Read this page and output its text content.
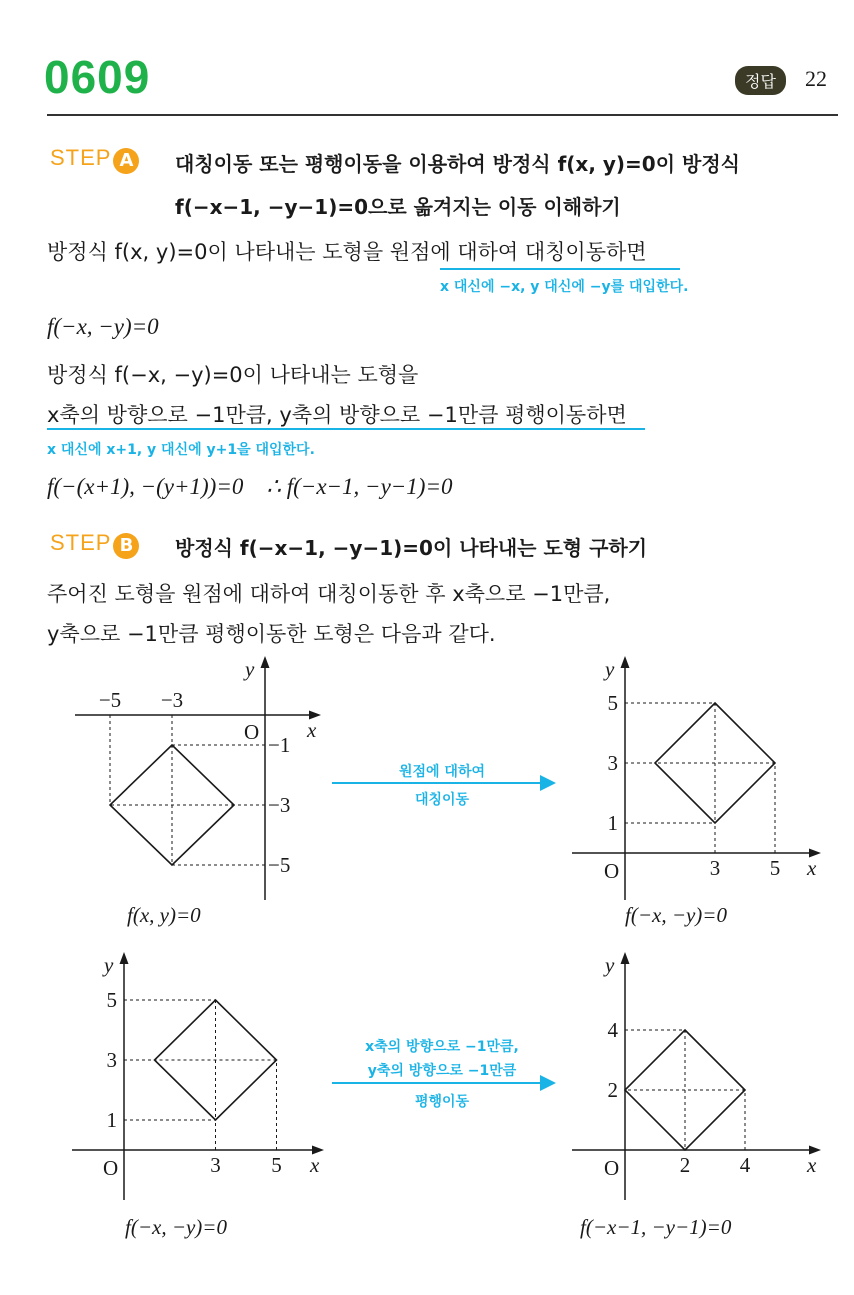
0609	정답	22
STEP A	대칭이동 또는 평행이동을 이용하여 방정식 f(x, y)=0이 방정식
f(−x−1, −y−1)=0으로 옮겨지는 이동 이해하기
방정식 f(x, y)=0이 나타내는 도형을 원점에 대하여 대칭이동하면
x 대신에 −x, y 대신에 −y를 대입한다.
f(−x, −y)=0
방정식 f(−x, −y)=0이 나타내는 도형을
x축의 방향으로 −1만큼, y축의 방향으로 −1만큼 평행이동하면
x 대신에 x+1, y 대신에 y+1을 대입한다.
f(−(x+1), −(y+1))=0    ∴ f(−x−1, −y−1)=0
STEP B	방정식 f(−x−1, −y−1)=0이 나타내는 도형 구하기
주어진 도형을 원점에 대하여 대칭이동한 후 x축으로 −1만큼,
y축으로 −1만큼 평행이동한 도형은 다음과 같다.
원점에 대하여
대칭이동
x축의 방향으로 −1만큼,
y축의 방향으로 −1만큼
평행이동
x
y
O
−5 −3
−1
−3
−5
f(x, y)=0
x
y
O	3 5
1
3
5
f(−x, −y)=0
x
y
O	3 5
1
3
5
f(−x, −y)=0
x
y
O	2 4
2
4
f(−x−1, −y−1)=0
